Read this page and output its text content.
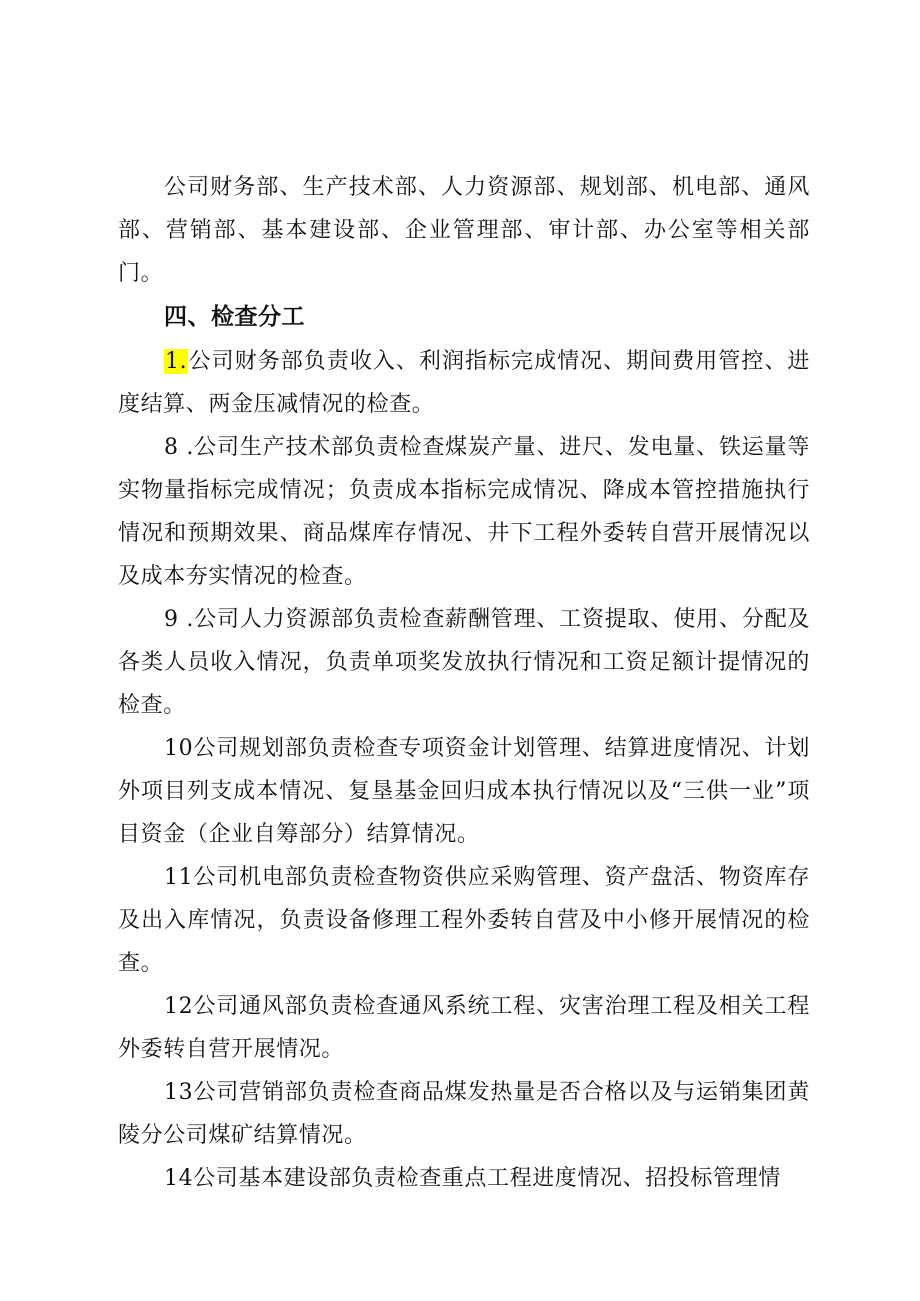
公司财务部、生产技术部、人力资源部、规划部、机电部、通风部、营销部、基本建设部、企业管理部、审计部、办公室等相关部门。

四、检查分工

1.公司财务部负责收入、利润指标完成情况、期间费用管控、进度结算、两金压减情况的检查。

8 .公司生产技术部负责检查煤炭产量、进尺、发电量、铁运量等实物量指标完成情况；负责成本指标完成情况、降成本管控措施执行情况和预期效果、商品煤库存情况、井下工程外委转自营开展情况以及成本夯实情况的检查。

9 .公司人力资源部负责检查薪酬管理、工资提取、使用、分配及各类人员收入情况，负责单项奖发放执行情况和工资足额计提情况的检查。

10公司规划部负责检查专项资金计划管理、结算进度情况、计划外项目列支成本情况、复垦基金回归成本执行情况以及“三供一业”项目资金（企业自筹部分）结算情况。

11公司机电部负责检查物资供应采购管理、资产盘活、物资库存及出入库情况，负责设备修理工程外委转自营及中小修开展情况的检查。

12公司通风部负责检查通风系统工程、灾害治理工程及相关工程外委转自营开展情况。

13公司营销部负责检查商品煤发热量是否合格以及与运销集团黄陵分公司煤矿结算情况。

14公司基本建设部负责检查重点工程进度情况、招投标管理情
